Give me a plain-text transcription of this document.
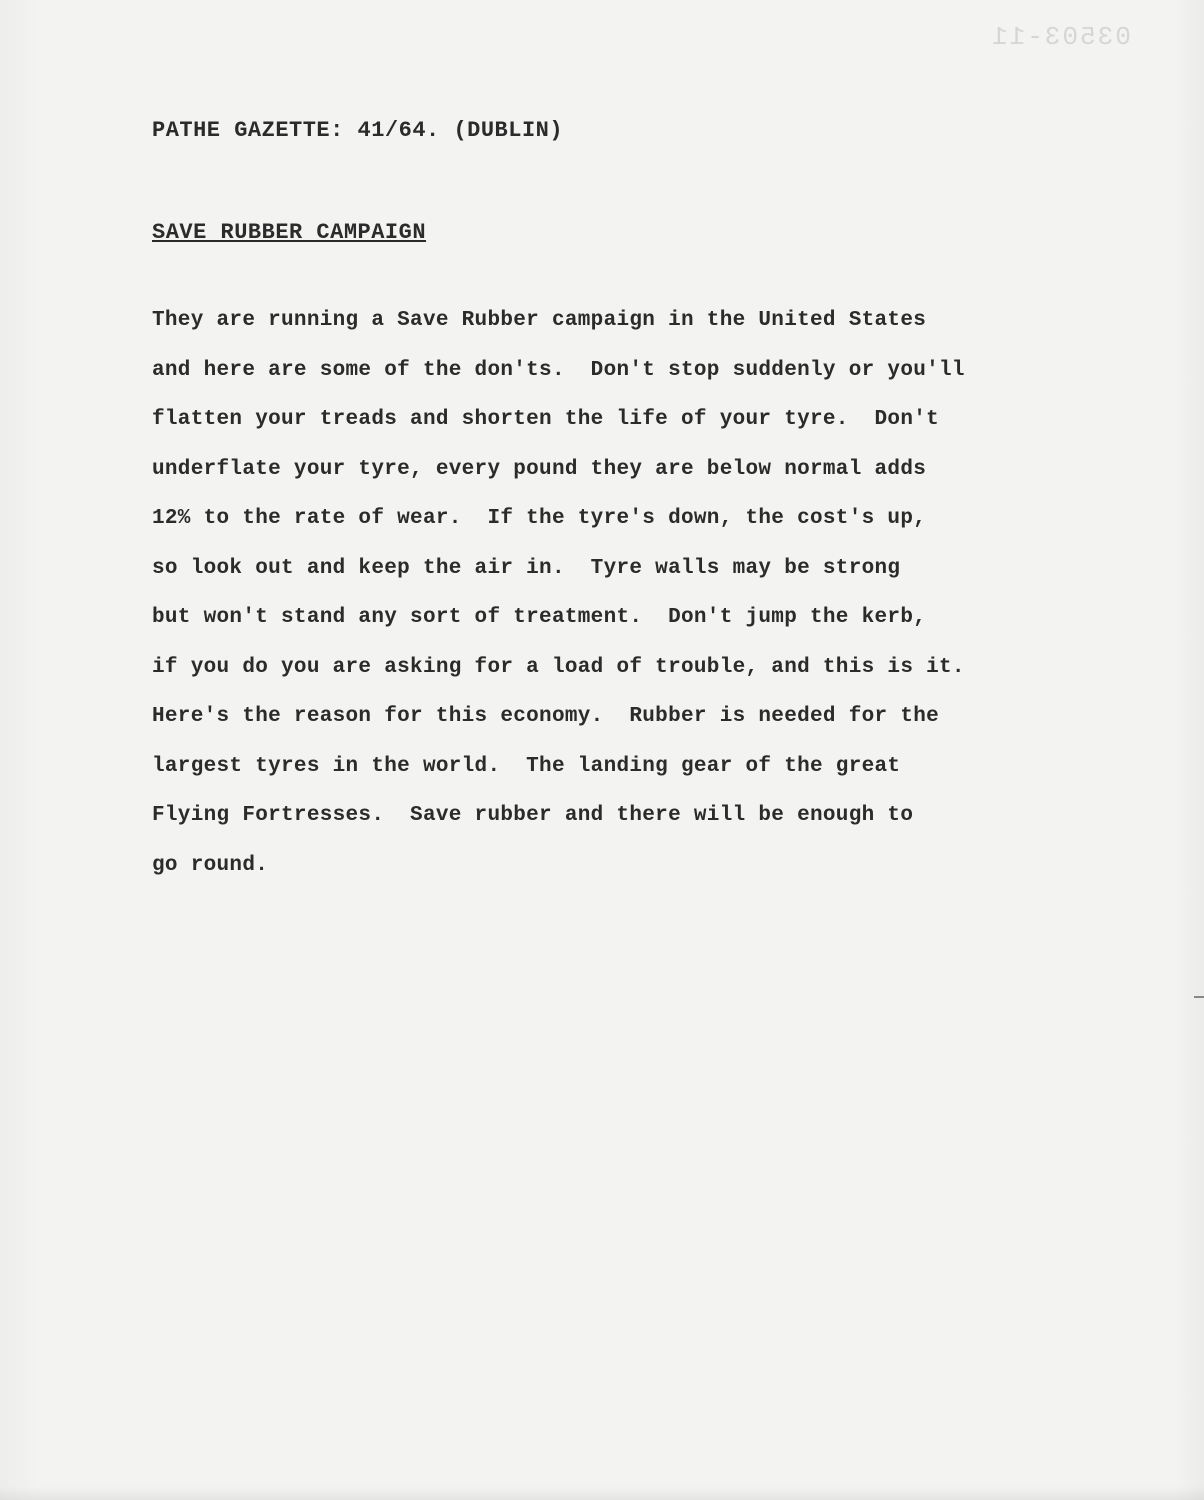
03503-11
PATHE GAZETTE: 41/64. (DUBLIN)
SAVE RUBBER CAMPAIGN
They are running a Save Rubber campaign in the United States
and here are some of the don'ts.  Don't stop suddenly or you'll
flatten your treads and shorten the life of your tyre.  Don't
underflate your tyre, every pound they are below normal adds
12% to the rate of wear.  If the tyre's down, the cost's up,
so look out and keep the air in.  Tyre walls may be strong
but won't stand any sort of treatment.  Don't jump the kerb,
if you do you are asking for a load of trouble, and this is it.
Here's the reason for this economy.  Rubber is needed for the
largest tyres in the world.  The landing gear of the great
Flying Fortresses.  Save rubber and there will be enough to
go round.
